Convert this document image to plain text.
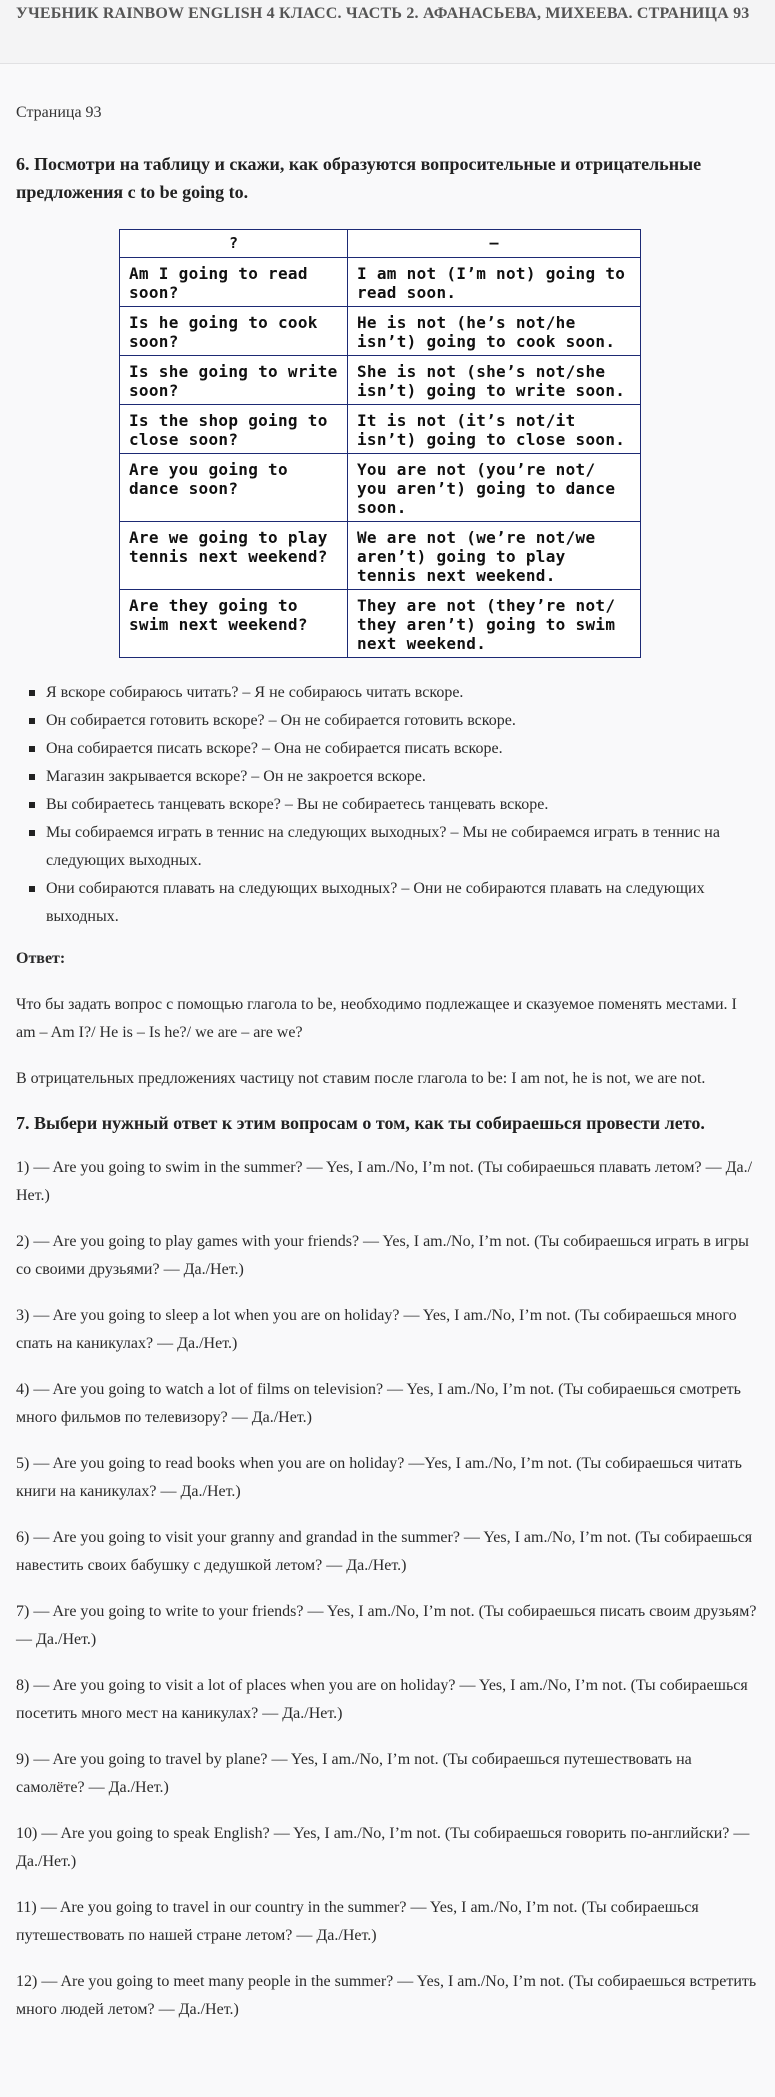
УЧЕБНИК RAINBOW ENGLISH 4 КЛАСС. ЧАСТЬ 2. АФАНАСЬЕВА, МИХЕЕВА. СТРАНИЦА 93

Страница 93

6. Посмотри на таблицу и скажи, как образуются вопросительные и отрицательные предложения с to be going to.
?	–
Am I going to read soon?	I am not (I’m not) going to read soon.
Is he going to cook soon?	He is not (he’s not/he isn’t) going to cook soon.
Is she going to write soon?	She is not (she’s not/she isn’t) going to write soon.
Is the shop going to close soon?	It is not (it’s not/it isn’t) going to close soon.
Are you going to dance soon?	You are not (you’re not/ you aren’t) going to dance soon.
Are we going to play tennis next weekend?	We are not (we’re not/we aren’t) going to play tennis next weekend.
Are they going to swim next weekend?	They are not (they’re not/ they aren’t) going to swim next weekend.
Я вскоре собираюсь читать? – Я не собираюсь читать вскоре.
Он собирается готовить вскоре? – Он не собирается готовить вскоре.
Она собирается писать вскоре? – Она не собирается писать вскоре.
Магазин закрывается вскоре? – Он не закроется вскоре.
Вы собираетесь танцевать вскоре? – Вы не собираетесь танцевать вскоре.
Мы собираемся играть в теннис на следующих выходных? – Мы не собираемся играть в теннис на следующих выходных.
Они собираются плавать на следующих выходных? – Они не собираются плавать на следующих выходных.

Ответ:

Что бы задать вопрос с помощью глагола to be, необходимо подлежащее и сказуемое поменять местами. I am – Am I?/ He is – Is he?/ we are – are we?

В отрицательных предложениях частицу not ставим после глагола to be: I am not, he is not, we are not.

7. Выбери нужный ответ к этим вопросам о том, как ты собираешься провести лето.

1) — Are you going to swim in the summer? — Yes, I am./No, I’m not. (Ты собираешься плавать летом? — Да./Нет.)

2) — Are you going to play games with your friends? — Yes, I am./No, I’m not. (Ты собираешься играть в игры со своими друзьями? — Да./Нет.)

3) — Are you going to sleep a lot when you are on holiday? — Yes, I am./No, I’m not. (Ты собираешься много спать на каникулах? — Да./Нет.)

4) — Are you going to watch a lot of films on television? — Yes, I am./No, I’m not. (Ты собираешься смотреть много фильмов по телевизору? — Да./Нет.)

5) — Are you going to read books when you are on holiday? —Yes, I am./No, I’m not. (Ты собираешься читать книги на каникулах? — Да./Нет.)

6) — Are you going to visit your granny and grandad in the summer? — Yes, I am./No, I’m not. (Ты собираешься навестить своих бабушку с дедушкой летом? — Да./Нет.)

7) — Are you going to write to your friends? — Yes, I am./No, I’m not. (Ты собираешься писать своим друзьям? — Да./Нет.)

8) — Are you going to visit a lot of places when you are on holiday? — Yes, I am./No, I’m not. (Ты собираешься посетить много мест на каникулах? — Да./Нет.)

9) — Are you going to travel by plane? — Yes, I am./No, I’m not. (Ты собираешься путешествовать на самолёте? — Да./Нет.)

10) — Are you going to speak English? — Yes, I am./No, I’m not. (Ты собираешься говорить по-английски? — Да./Нет.)

11) — Are you going to travel in our country in the summer? — Yes, I am./No, I’m not. (Ты собираешься путешествовать по нашей стране летом? — Да./Нет.)

12) — Are you going to meet many people in the summer? — Yes, I am./No, I’m not. (Ты собираешься встретить много людей летом? — Да./Нет.)
